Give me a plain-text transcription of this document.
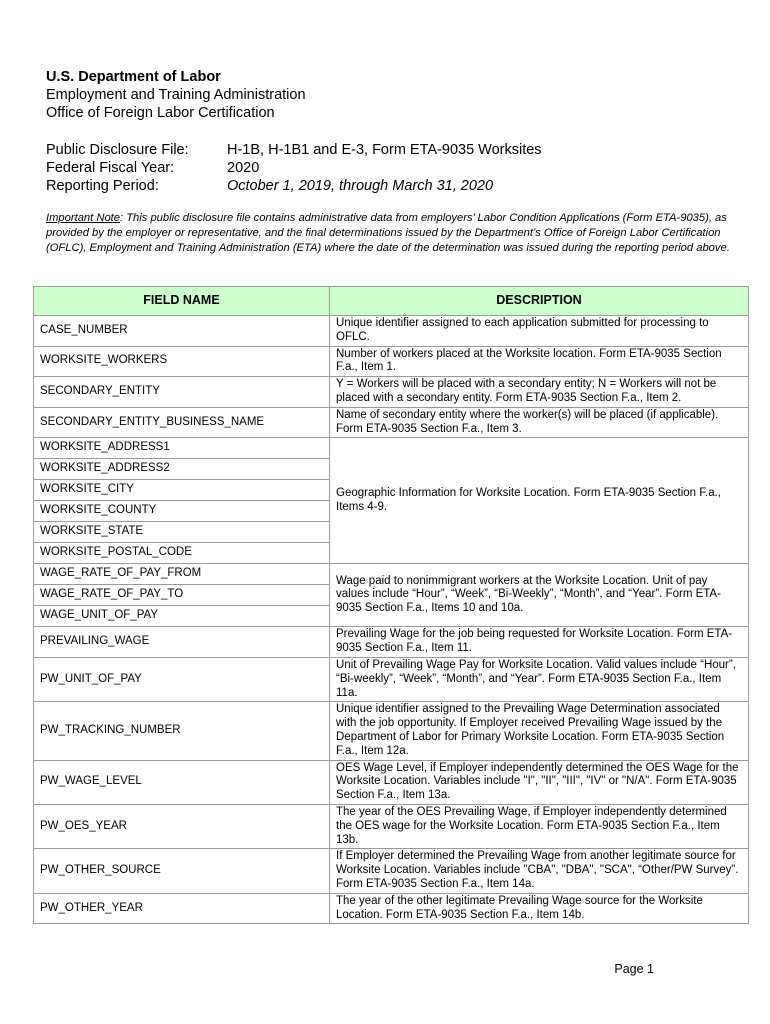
U.S. Department of Labor
Employment and Training Administration
Office of Foreign Labor Certification
Public Disclosure File:	H-1B, H-1B1 and E-3, Form ETA-9035 Worksites
Federal Fiscal Year:	2020
Reporting Period:	October 1, 2019, through March 31, 2020
Important Note: This public disclosure file contains administrative data from employers’ Labor Condition Applications (Form ETA-9035), as provided by the employer or representative, and the final determinations issued by the Department’s Office of Foreign Labor Certification (OFLC), Employment and Training Administration (ETA) where the date of the determination was issued during the reporting period above.
FIELD NAME	DESCRIPTION
CASE_NUMBER	Unique identifier assigned to each application submitted for processing to OFLC.
WORKSITE_WORKERS	Number of workers placed at the Worksite location. Form ETA-9035 Section F.a., Item 1.
SECONDARY_ENTITY	Y = Workers will be placed with a secondary entity; N = Workers will not be placed with a secondary entity. Form ETA-9035 Section F.a., Item 2.
SECONDARY_ENTITY_BUSINESS_NAME	Name of secondary entity where the worker(s) will be placed (if applicable). Form ETA-9035 Section F.a., Item 3.
WORKSITE_ADDRESS1	Geographic Information for Worksite Location. Form ETA-9035 Section F.a., Items 4-9.
WORKSITE_ADDRESS2	
WORKSITE_CITY	
WORKSITE_COUNTY	
WORKSITE_STATE	
WORKSITE_POSTAL_CODE	
WAGE_RATE_OF_PAY_FROM	Wage paid to nonimmigrant workers at the Worksite Location. Unit of pay values include “Hour”, “Week”, “Bi-Weekly”, “Month”, and “Year”. Form ETA-9035 Section F.a., Items 10 and 10a.
WAGE_RATE_OF_PAY_TO	
WAGE_UNIT_OF_PAY	
PREVAILING_WAGE	Prevailing Wage for the job being requested for Worksite Location. Form ETA-9035 Section F.a., Item 11.
PW_UNIT_OF_PAY	Unit of Prevailing Wage Pay for Worksite Location. Valid values include “Hour”, “Bi-weekly”, “Week”, “Month”, and “Year”. Form ETA-9035 Section F.a., Item 11a.
PW_TRACKING_NUMBER	Unique identifier assigned to the Prevailing Wage Determination associated with the job opportunity. If Employer received Prevailing Wage issued by the Department of Labor for Primary Worksite Location. Form ETA-9035 Section F.a., Item 12a.
PW_WAGE_LEVEL	OES Wage Level, if Employer independently determined the OES Wage for the Worksite Location. Variables include "I", "II", "III", "IV" or "N/A". Form ETA-9035 Section F.a., Item 13a.
PW_OES_YEAR	The year of the OES Prevailing Wage, if Employer independently determined the OES wage for the Worksite Location. Form ETA-9035 Section F.a., Item 13b.
PW_OTHER_SOURCE	If Employer determined the Prevailing Wage from another legitimate source for Worksite Location. Variables include "CBA", "DBA", "SCA", “Other/PW Survey”. Form ETA-9035 Section F.a., Item 14a.
PW_OTHER_YEAR	The year of the other legitimate Prevailing Wage source for the Worksite Location. Form ETA-9035 Section F.a., Item 14b.
Page 1
